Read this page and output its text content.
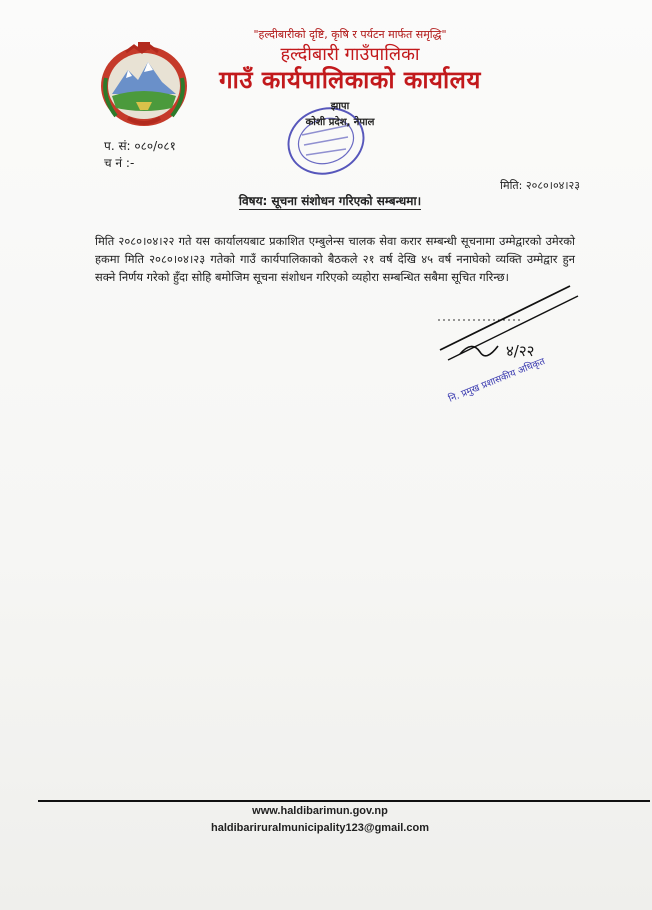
"हल्दीबारीको दृष्टि, कृषि र पर्यटन मार्फत समृद्धि"
हल्दीबारी गाउँपालिका
गाउँ कार्यपालिकाको कार्यालय
झापा
कोशी प्रदेश, नेपाल
प. सं: ०८०/०८१
च नं :-
मिति: २०८०।०४।२३
विषय: सूचना संशोधन गरिएको सम्बन्धमा।
मिति २०८०।०४।२२ गते यस कार्यालयबाट प्रकाशित एम्बुलेन्स चालक सेवा करार सम्बन्धी सूचनामा उम्मेद्वारको उमेरको हकमा मिति २०८०।०४।२३ गतेको गाउँ कार्यपालिकाको बैठकले २१ वर्ष देखि ४५ वर्ष ननाघेको व्यक्ति उम्मेद्वार हुन सक्ने निर्णय गरेको हुँदा सोहि बमोजिम सूचना संशोधन गरिएको व्यहोरा सम्बन्धित सबैमा सूचित गरिन्छ।
४/२२
नि. प्रमुख प्रशासकीय अधिकृत
www.haldibarimun.gov.np
haldibariruralmunicipality123@gmail.com
